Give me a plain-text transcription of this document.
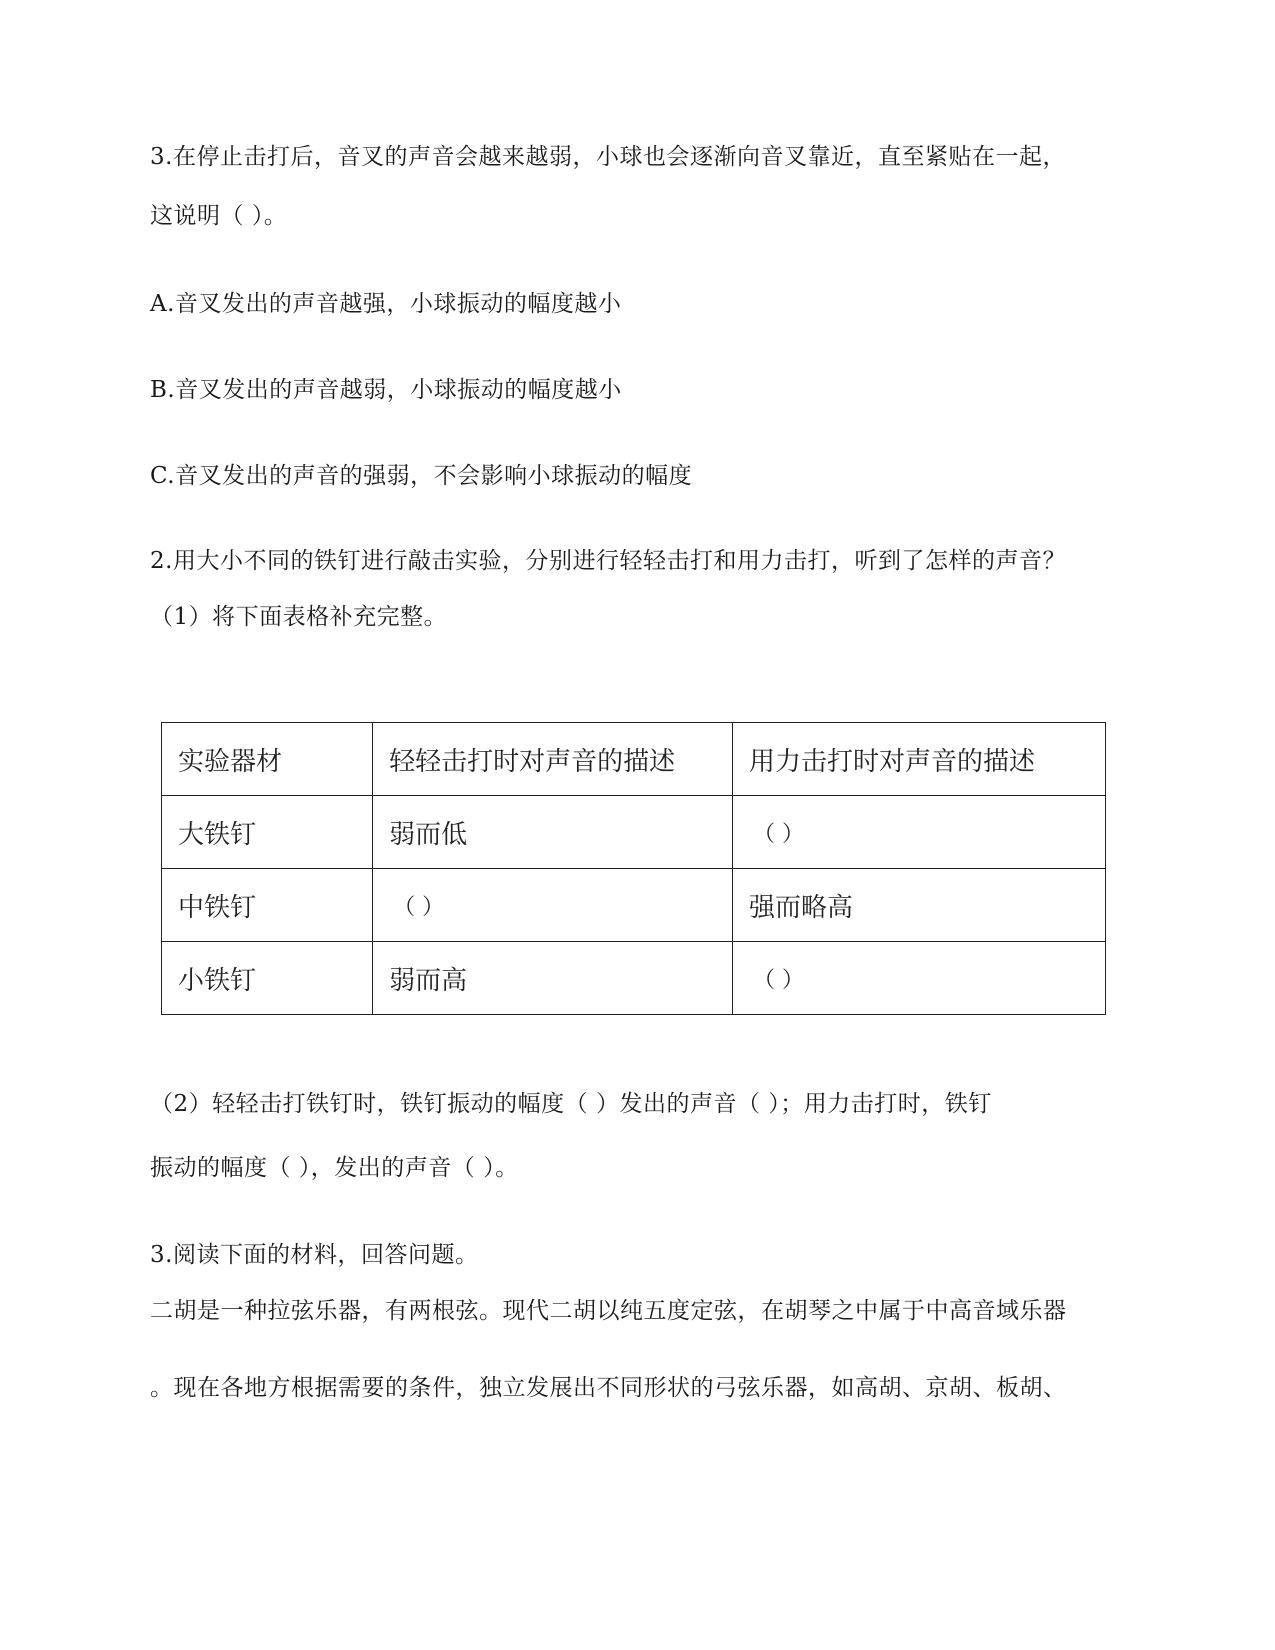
3.在停止击打后，音叉的声音会越来越弱，小球也会逐渐向音叉靠近，直至紧贴在一起，
这说明（ ）。
A.音叉发出的声音越强，小球振动的幅度越小
B.音叉发出的声音越弱，小球振动的幅度越小
C.音叉发出的声音的强弱，不会影响小球振动的幅度
2.用大小不同的铁钉进行敲击实验，分别进行轻轻击打和用力击打，听到了怎样的声音？
（1）将下面表格补充完整。
实验器材	轻轻击打时对声音的描述	用力击打时对声音的描述
大铁钉	弱而低	（ ）
中铁钉	（ ）	强而略高
小铁钉	弱而高	（ ）
（2）轻轻击打铁钉时，铁钉振动的幅度（ ）发出的声音（ ）；用力击打时，铁钉
振动的幅度（ ），发出的声音（ ）。
3.阅读下面的材料，回答问题。
二胡是一种拉弦乐器，有两根弦。现代二胡以纯五度定弦，在胡琴之中属于中高音域乐器
。现在各地方根据需要的条件，独立发展出不同形状的弓弦乐器，如高胡、京胡、板胡、
